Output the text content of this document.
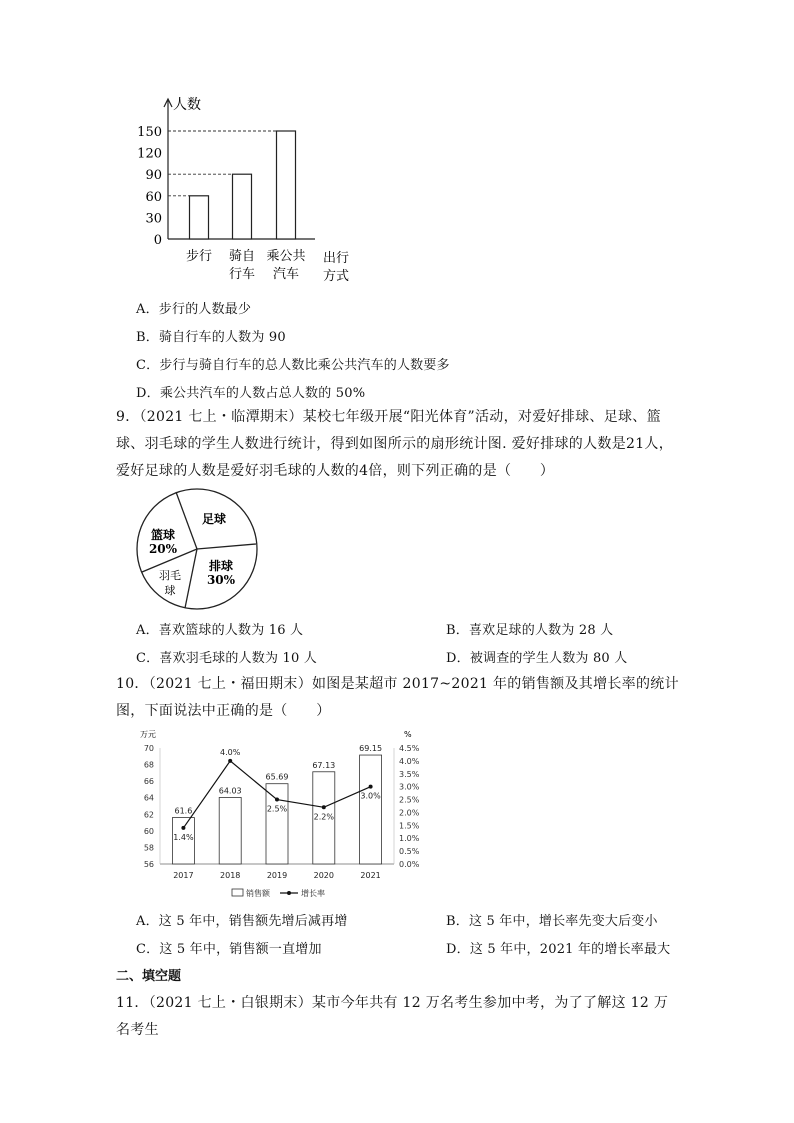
0
30
60
90
120
150
步行 骑自
行车
乘公共
汽车
人数
出行
方式
A．步行的人数最少
B．骑自行车的人数为 90
C．步行与骑自行车的总人数比乘公共汽车的人数要多
D．乘公共汽车的人数占总人数的 50%
9．（2021 七上・临潭期末）某校七年级开展“阳光体育”活动，对爱好排球、足球、篮球、羽毛球的学生人数进行统计，得到如图所示的扇形统计图. 爱好排球的人数是21人，爱好足球的人数是爱好羽毛球的人数的4倍，则下列正确的是（　　）
足球
篮球
20%
排球
30%
羽毛
球
A．喜欢篮球的人数为 16 人	B．喜欢足球的人数为 28 人
C．喜欢羽毛球的人数为 10 人	D．被调查的学生人数为 80 人
10．（2021 七上・福田期末）如图是某超市 2017~2021 年的销售额及其增长率的统计图，下面说法中正确的是（　　）
61.6
64.03
65.69
67.13
69.15
1.4%
4.0%
2.5%
2.2%
3.0%
56
58
60
62
64
66
68
70
0.0%
0.5%
1.0%
1.5%
2.0%
2.5%
3.0%
3.5%
4.0%
4.5%
2017	2018	2019	2020	2021
万元	%
销售额	增长率
A．这 5 年中，销售额先增后减再增	B．这 5 年中，增长率先变大后变小
C．这 5 年中，销售额一直增加	D．这 5 年中，2021 年的增长率最大
二、填空题
11．（2021 七上・白银期末）某市今年共有 12 万名考生参加中考，为了了解这 12 万名考生
